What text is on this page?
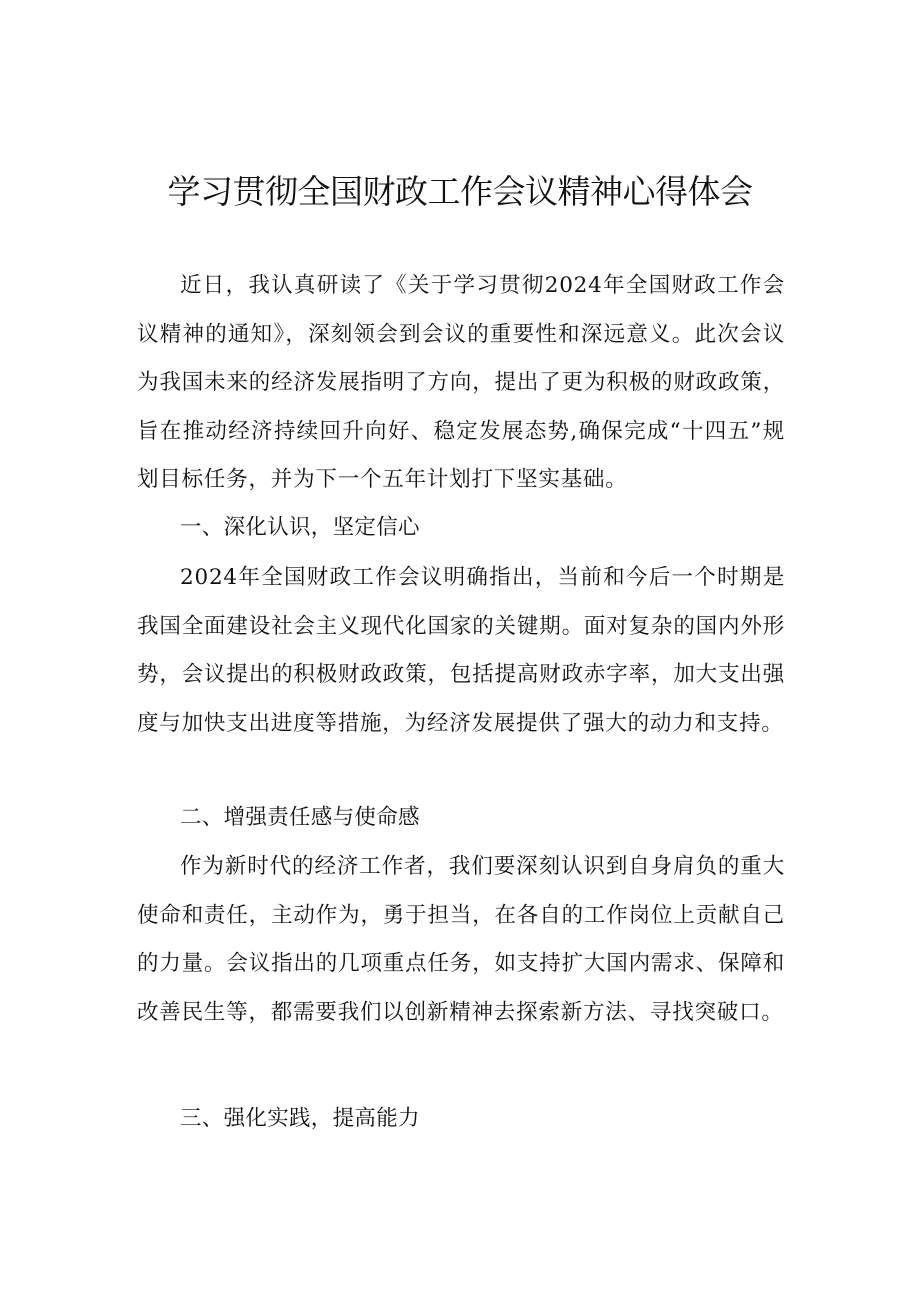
学习贯彻全国财政工作会议精神心得体会

近日，我认真研读了《关于学习贯彻2024年全国财政工作会议精神的通知》，深刻领会到会议的重要性和深远意义。此次会议为我国未来的经济发展指明了方向，提出了更为积极的财政政策，旨在推动经济持续回升向好、稳定发展态势,确保完成“十四五”规划目标任务，并为下一个五年计划打下坚实基础。

一、深化认识，坚定信心

2024年全国财政工作会议明确指出，当前和今后一个时期是我国全面建设社会主义现代化国家的关键期。面对复杂的国内外形势，会议提出的积极财政政策，包括提高财政赤字率，加大支出强度与加快支出进度等措施，为经济发展提供了强大的动力和支持。

二、增强责任感与使命感

作为新时代的经济工作者，我们要深刻认识到自身肩负的重大使命和责任，主动作为，勇于担当，在各自的工作岗位上贡献自己的力量。会议指出的几项重点任务，如支持扩大国内需求、保障和改善民生等，都需要我们以创新精神去探索新方法、寻找突破口。

三、强化实践，提高能力
